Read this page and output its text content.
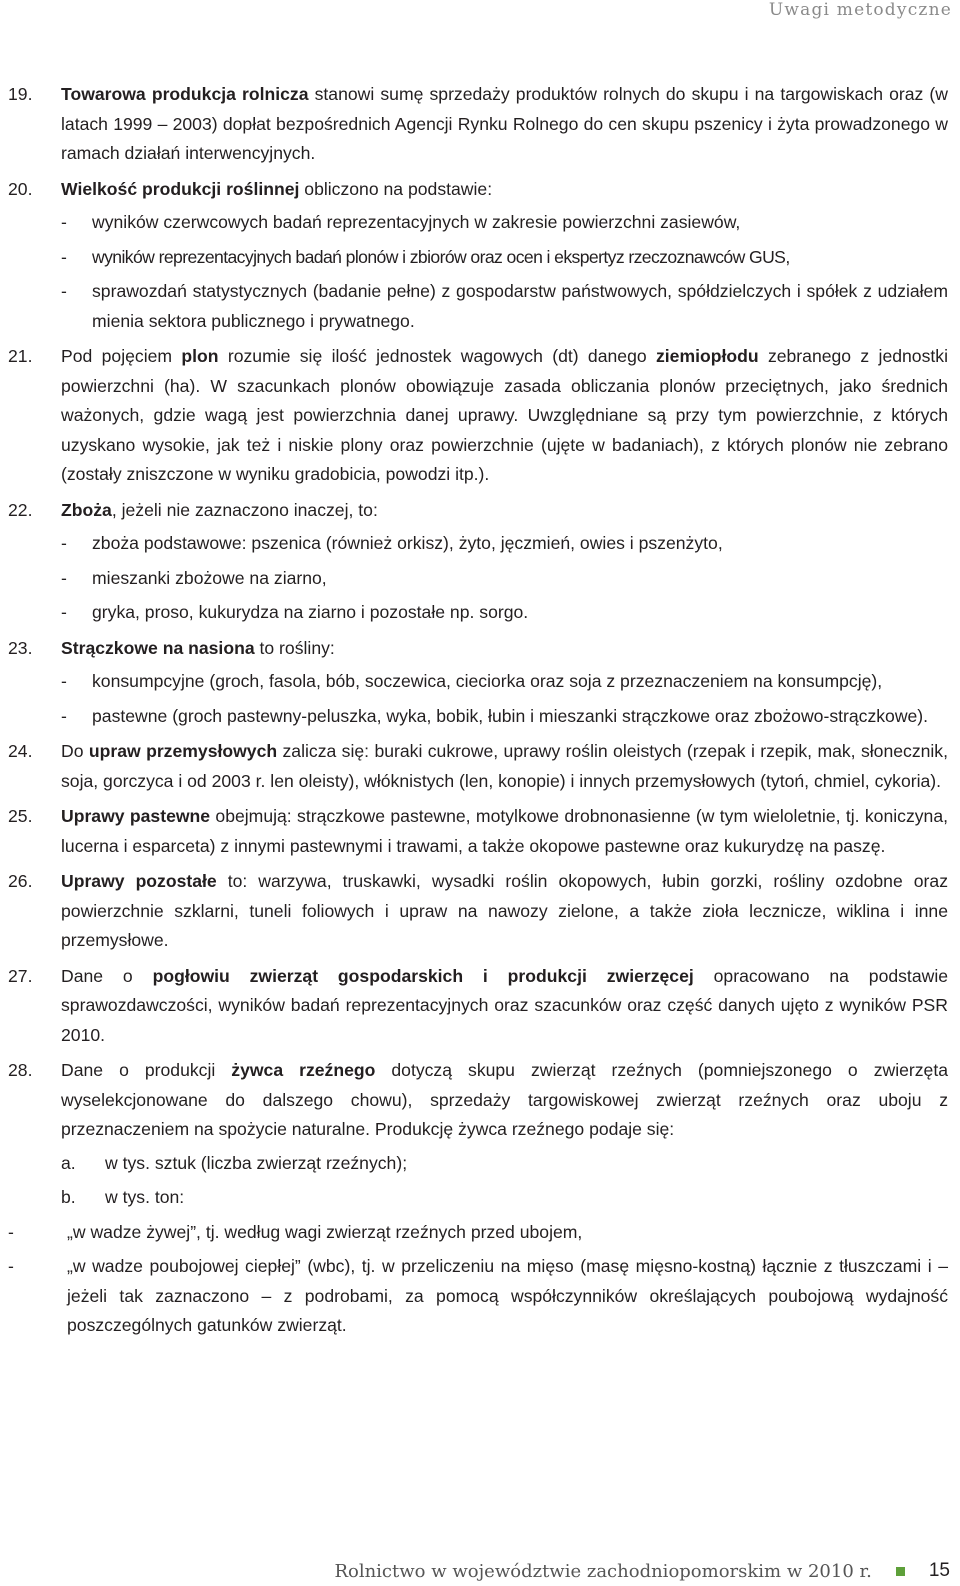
Uwagi metodyczne
19. Towarowa produkcja rolnicza stanowi sumę sprzedaży produktów rolnych do skupu i na targowiskach oraz (w latach 1999 – 2003) dopłat bezpośrednich Agencji Rynku Rolnego do cen skupu pszenicy i żyta prowadzonego w ramach działań interwencyjnych.
20. Wielkość produkcji roślinnej obliczono na podstawie:
- wyników czerwcowych badań reprezentacyjnych w zakresie powierzchni zasiewów,
- wyników reprezentacyjnych badań plonów i zbiorów oraz ocen i ekspertyz rzeczoznawców GUS,
- sprawozdań statystycznych (badanie pełne) z gospodarstw państwowych, spółdzielczych i spółek z udziałem mienia sektora publicznego i prywatnego.
21. Pod pojęciem plon rozumie się ilość jednostek wagowych (dt) danego ziemiopłodu zebranego z jednostki powierzchni (ha). W szacunkach plonów obowiązuje zasada obliczania plonów przeciętnych, jako średnich ważonych, gdzie wagą jest powierzchnia danej uprawy. Uwzględniane są przy tym powierzchnie, z których uzyskano wysokie, jak też i niskie plony oraz powierzchnie (ujęte w badaniach), z których plonów nie zebrano (zostały zniszczone w wyniku gradobicia, powodzi itp.).
22. Zboża, jeżeli nie zaznaczono inaczej, to:
- zboża podstawowe: pszenica (również orkisz), żyto, jęczmień, owies i pszenżyto,
- mieszanki zbożowe na ziarno,
- gryka, proso, kukurydza na ziarno i pozostałe np. sorgo.
23. Strączkowe na nasiona to rośliny:
- konsumpcyjne (groch, fasola, bób, soczewica, cieciorka oraz soja z przeznaczeniem na konsumpcję),
- pastewne (groch pastewny-peluszka, wyka, bobik, łubin i mieszanki strączkowe oraz zbożowo-strączkowe).
24. Do upraw przemysłowych zalicza się: buraki cukrowe, uprawy roślin oleistych (rzepak i rzepik, mak, słonecznik, soja, gorczyca i od 2003 r. len oleisty), włóknistych (len, konopie) i innych przemysłowych (tytoń, chmiel, cykoria).
25. Uprawy pastewne obejmują: strączkowe pastewne, motylkowe drobnonasienne (w tym wieloletnie, tj. koniczyna, lucerna i esparceta) z innymi pastewnymi i trawami, a także okopowe pastewne oraz kukurydzę na paszę.
26. Uprawy pozostałe to: warzywa, truskawki, wysadki roślin okopowych, łubin gorzki, rośliny ozdobne oraz powierzchnie szklarni, tuneli foliowych i upraw na nawozy zielone, a także zioła lecznicze, wiklina i inne przemysłowe.
27. Dane o pogłowiu zwierząt gospodarskich i produkcji zwierzęcej opracowano na podstawie sprawozdawczości, wyników badań reprezentacyjnych oraz szacunków oraz część danych ujęto z wyników PSR 2010.
28. Dane o produkcji żywca rzeźnego dotyczą skupu zwierząt rzeźnych (pomniejszonego o zwierzęta wyselekcjonowane do dalszego chowu), sprzedaży targowiskowej zwierząt rzeźnych oraz uboju z przeznaczeniem na spożycie naturalne. Produkcję żywca rzeźnego podaje się:
a. w tys. sztuk (liczba zwierząt rzeźnych);
b. w tys. ton:
-	„w wadze żywej”, tj. według wagi zwierząt rzeźnych przed ubojem,
-	„w wadze poubojowej ciepłej” (wbc), tj. w przeliczeniu na mięso (masę mięsno-kostną) łącznie z tłuszczami i – jeżeli tak zaznaczono – z podrobami, za pomocą współczynników określających poubojową wydajność poszczególnych gatunków zwierząt.
Rolnictwo w województwie zachodniopomorskim w 2010 r.	15
